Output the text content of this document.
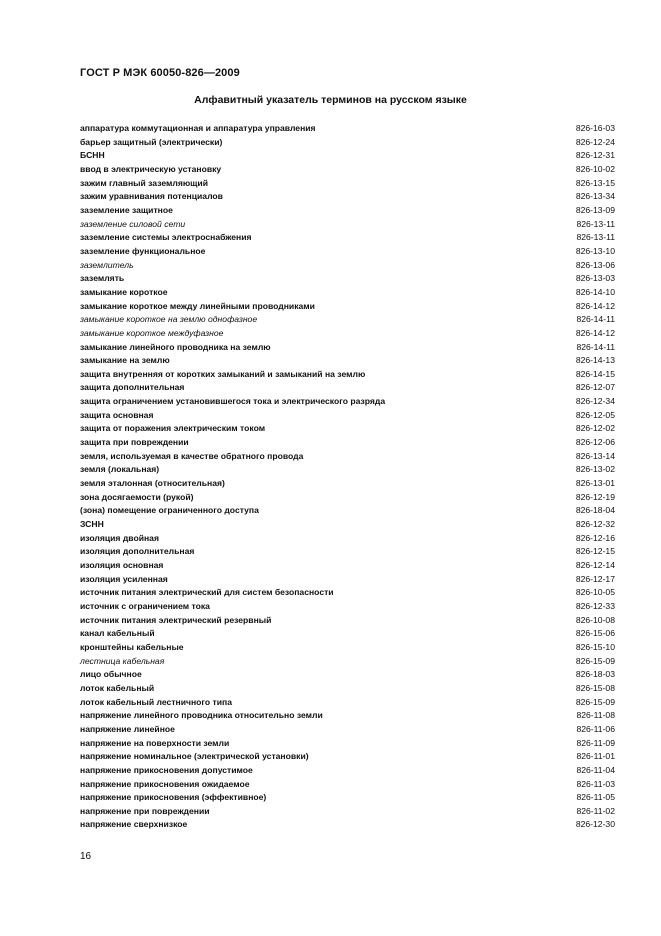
ГОСТ Р МЭК 60050-826—2009
Алфавитный указатель терминов на русском языке
аппаратура коммутационная и аппаратура управления	826-16-03
барьер защитный (электрически)	826-12-24
БСНН	826-12-31
ввод в электрическую установку	826-10-02
зажим главный заземляющий	826-13-15
зажим уравнивания потенциалов	826-13-34
заземление защитное	826-13-09
заземление силовой сети	826-13-11
заземление системы электроснабжения	826-13-11
заземление функциональное	826-13-10
заземлитель	826-13-06
заземлять	826-13-03
замыкание короткое	826-14-10
замыкание короткое между линейными проводниками	826-14-12
замыкание короткое на землю однофазное	826-14-11
замыкание короткое междуфазное	826-14-12
замыкание линейного проводника на землю	826-14-11
замыкание на землю	826-14-13
защита внутренняя от коротких замыканий и замыканий на землю	826-14-15
защита дополнительная	826-12-07
защита ограничением установившегося тока и электрического разряда	826-12-34
защита основная	826-12-05
защита от поражения электрическим током	826-12-02
защита при повреждении	826-12-06
земля, используемая в качестве обратного провода	826-13-14
земля (локальная)	826-13-02
земля эталонная (относительная)	826-13-01
зона досягаемости (рукой)	826-12-19
(зона) помещение ограниченного доступа	826-18-04
ЗСНН	826-12-32
изоляция двойная	826-12-16
изоляция дополнительная	826-12-15
изоляция основная	826-12-14
изоляция усиленная	826-12-17
источник питания электрический для систем безопасности	826-10-05
источник с ограничением тока	826-12-33
источник питания электрический резервный	826-10-08
канал кабельный	826-15-06
кронштейны кабельные	826-15-10
лестница кабельная	826-15-09
лицо обычное	826-18-03
лоток кабельный	826-15-08
лоток кабельный лестничного типа	826-15-09
напряжение линейного проводника относительно земли	826-11-08
напряжение линейное	826-11-06
напряжение на поверхности земли	826-11-09
напряжение номинальное (электрической установки)	826-11-01
напряжение прикосновения допустимое	826-11-04
напряжение прикосновения ожидаемое	826-11-03
напряжение прикосновения (эффективное)	826-11-05
напряжение при повреждении	826-11-02
напряжение сверхнизкое	826-12-30
16
